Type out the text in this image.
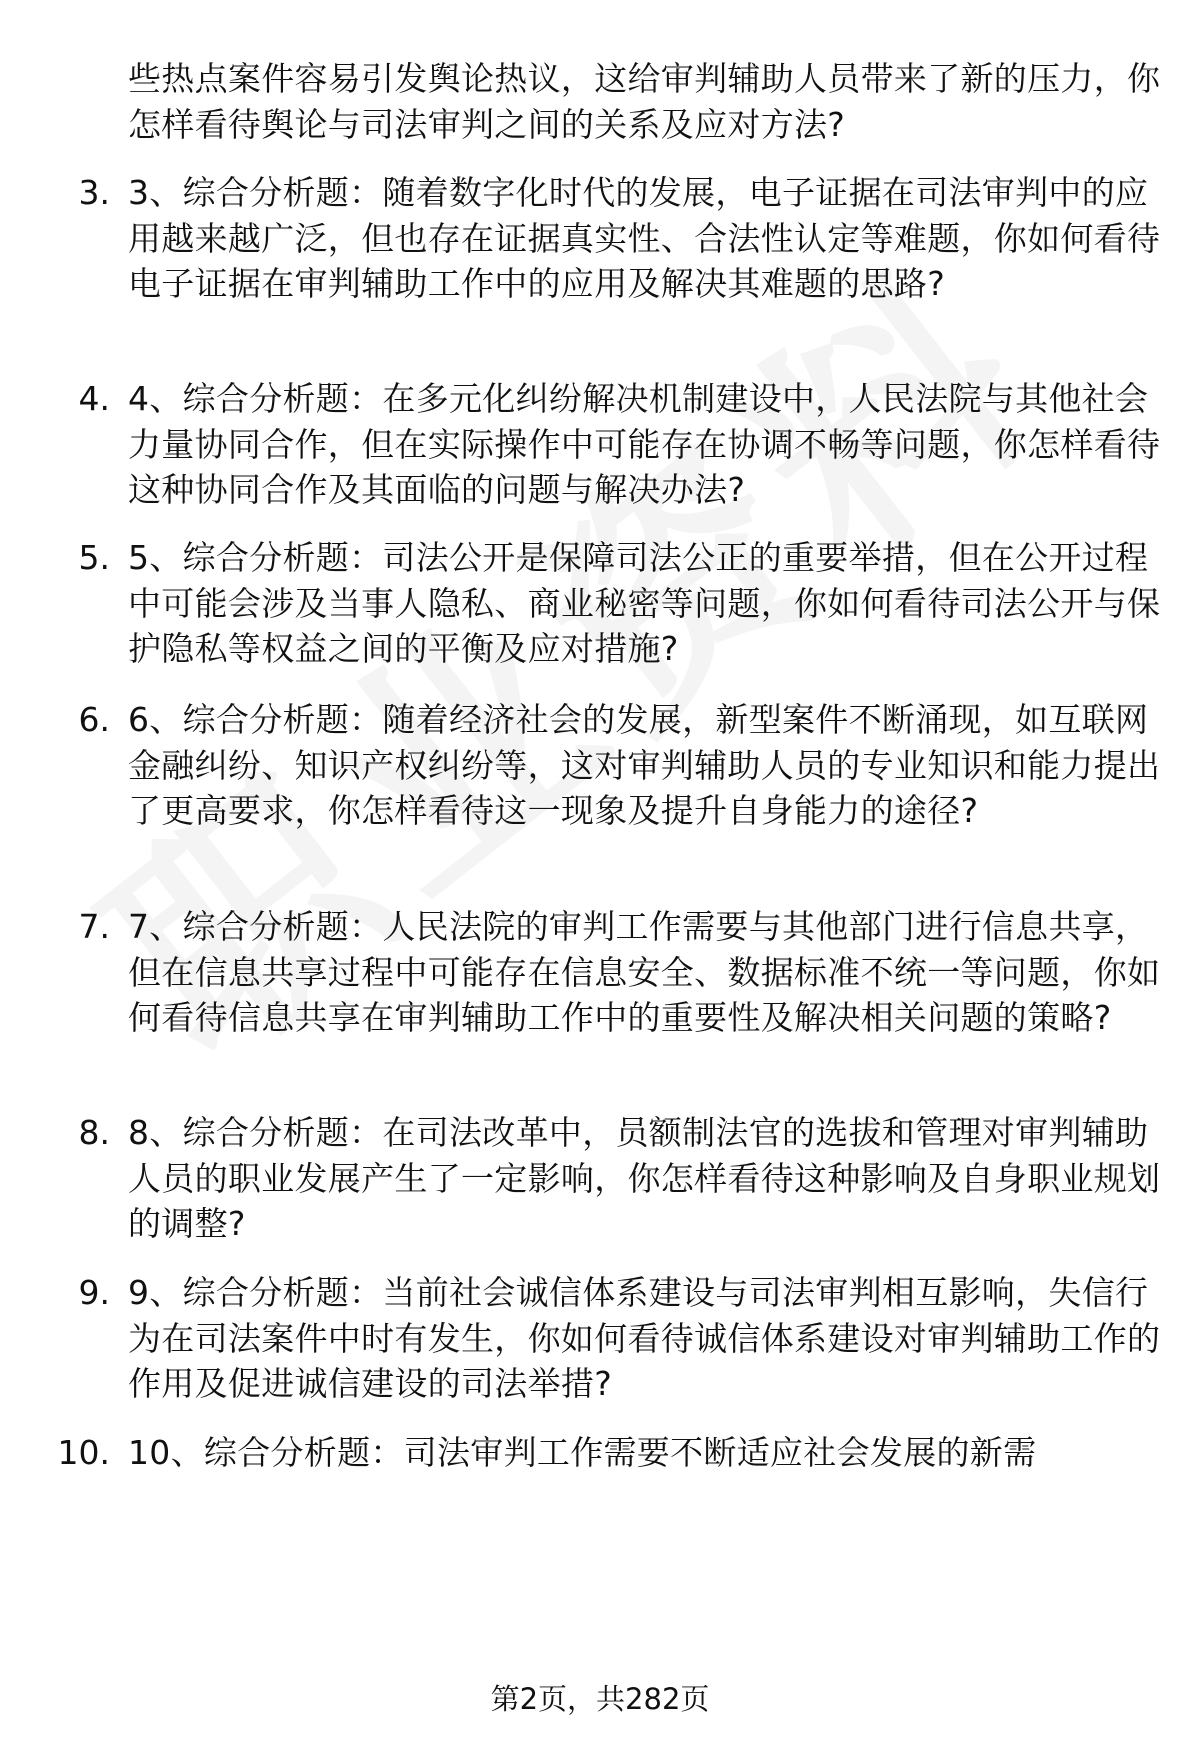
些热点案件容易引发舆论热议，这给审判辅助人员带来了新的压力，你怎样看待舆论与司法审判之间的关系及应对方法?
3. 3、综合分析题：随着数字化时代的发展，电子证据在司法审判中的应用越来越广泛，但也存在证据真实性、合法性认定等难题，你如何看待电子证据在审判辅助工作中的应用及解决其难题的思路?
4. 4、综合分析题：在多元化纠纷解决机制建设中，人民法院与其他社会力量协同合作，但在实际操作中可能存在协调不畅等问题，你怎样看待这种协同合作及其面临的问题与解决办法?
5. 5、综合分析题：司法公开是保障司法公正的重要举措，但在公开过程中可能会涉及当事人隐私、商业秘密等问题，你如何看待司法公开与保护隐私等权益之间的平衡及应对措施?
6. 6、综合分析题：随着经济社会的发展，新型案件不断涌现，如互联网金融纠纷、知识产权纠纷等，这对审判辅助人员的专业知识和能力提出了更高要求，你怎样看待这一现象及提升自身能力的途径?
7. 7、综合分析题：人民法院的审判工作需要与其他部门进行信息共享，但在信息共享过程中可能存在信息安全、数据标准不统一等问题，你如何看待信息共享在审判辅助工作中的重要性及解决相关问题的策略?
8. 8、综合分析题：在司法改革中，员额制法官的选拔和管理对审判辅助人员的职业发展产生了一定影响，你怎样看待这种影响及自身职业规划的调整?
9. 9、综合分析题：当前社会诚信体系建设与司法审判相互影响，失信行为在司法案件中时有发生，你如何看待诚信体系建设对审判辅助工作的作用及促进诚信建设的司法举措?
10. 10、综合分析题：司法审判工作需要不断适应社会发展的新需
第2页，共282页
